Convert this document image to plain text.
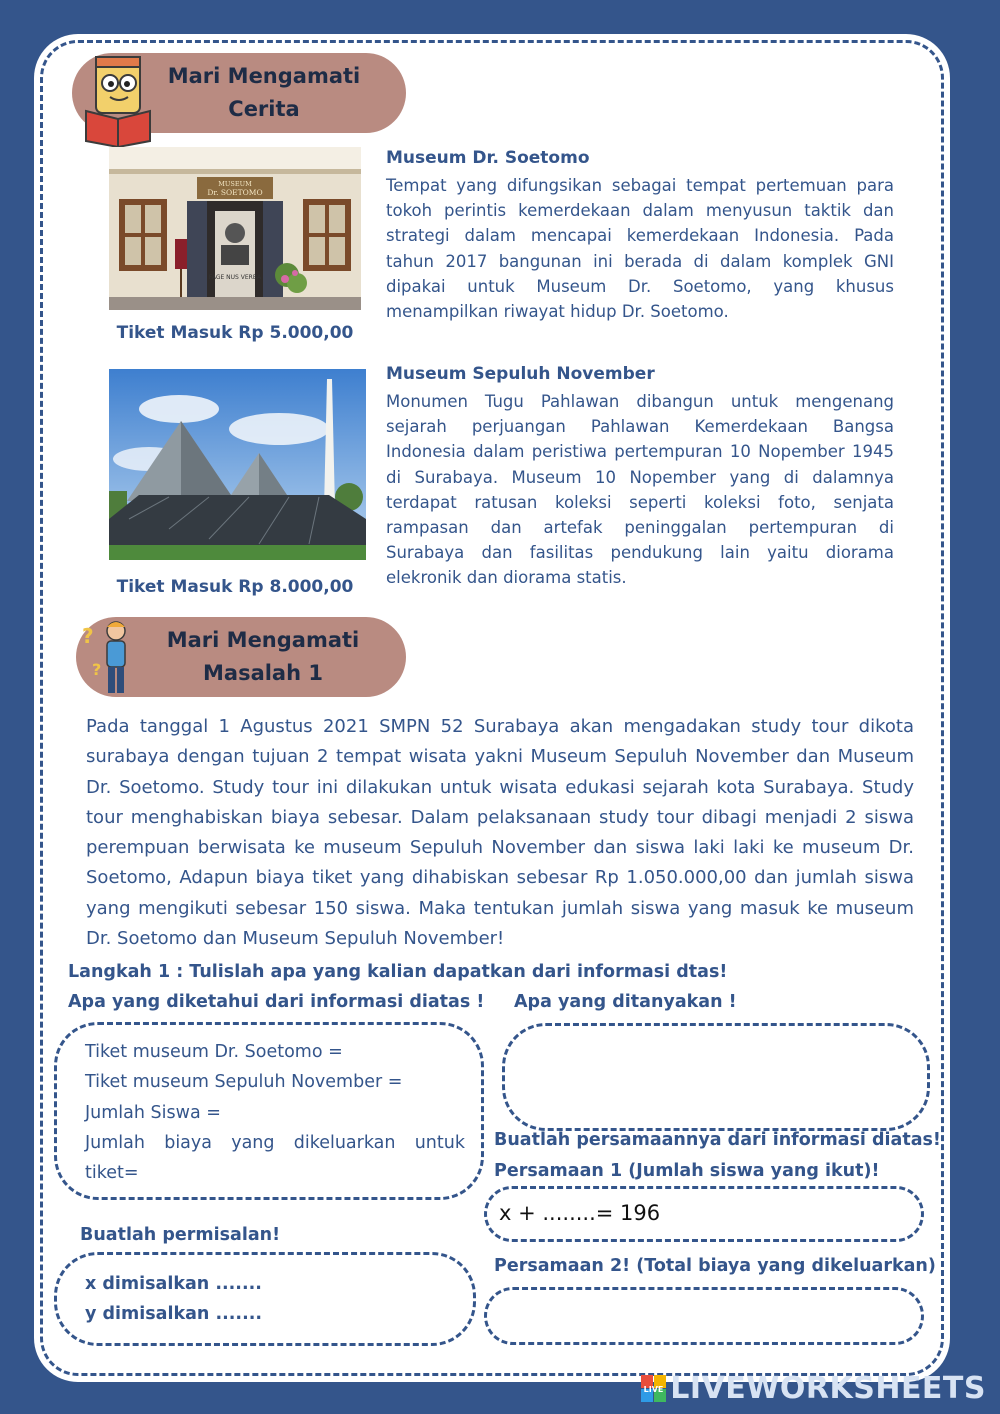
Mari Mengamati
Cerita
MUSEUM
Dr. SOETOMO
FAGE NUS VERBA
Tiket Masuk Rp 5.000,00
Museum Dr. Soetomo
Tempat yang difungsikan sebagai tempat pertemuan para tokoh perintis kemerdekaan dalam menyusun taktik dan strategi dalam mencapai kemerdekaan Indonesia. Pada tahun 2017 bangunan ini berada di dalam komplek GNI dipakai untuk Museum Dr. Soetomo, yang khusus menampilkan riwayat hidup Dr. Soetomo.
Tiket Masuk Rp 8.000,00
Museum Sepuluh November
Monumen Tugu Pahlawan dibangun untuk mengenang sejarah perjuangan Pahlawan Kemerdekaan Bangsa Indonesia dalam peristiwa pertempuran 10 Nopember 1945 di Surabaya. Museum 10 Nopember yang di dalamnya terdapat ratusan koleksi seperti koleksi foto, senjata rampasan dan artefak peninggalan pertempuran di Surabaya dan fasilitas pendukung lain yaitu diorama elekronik dan diorama statis.
?
?
Mari Mengamati
Masalah 1
Pada tanggal 1 Agustus 2021 SMPN 52 Surabaya akan mengadakan study tour dikota surabaya dengan tujuan 2 tempat wisata yakni Museum Sepuluh November dan Museum Dr. Soetomo. Study tour ini dilakukan untuk wisata edukasi sejarah kota Surabaya. Study tour menghabiskan biaya sebesar. Dalam pelaksanaan study tour dibagi menjadi 2 siswa perempuan berwisata ke museum Sepuluh November dan siswa laki laki ke museum Dr. Soetomo, Adapun biaya tiket yang dihabiskan sebesar Rp 1.050.000,00 dan jumlah siswa yang mengikuti sebesar 150 siswa. Maka tentukan jumlah siswa yang masuk ke museum Dr. Soetomo dan Museum Sepuluh November!
Langkah 1 : Tulislah apa yang kalian dapatkan dari informasi dtas!
Apa yang diketahui dari informasi diatas ! Apa yang ditanyakan !
Tiket museum Dr. Soetomo =
Tiket museum Sepuluh November =
Jumlah Siswa =
Jumlah biaya yang dikeluarkan untuk tiket=
Buatlah persamaannya dari informasi diatas!
Persamaan 1 (Jumlah siswa yang ikut)!
x + ........= 196
Persamaan 2! (Total biaya yang dikeluarkan)
Buatlah permisalan!
x dimisalkan .......
y dimisalkan .......
LIVE LIVEWORKSHEETS
